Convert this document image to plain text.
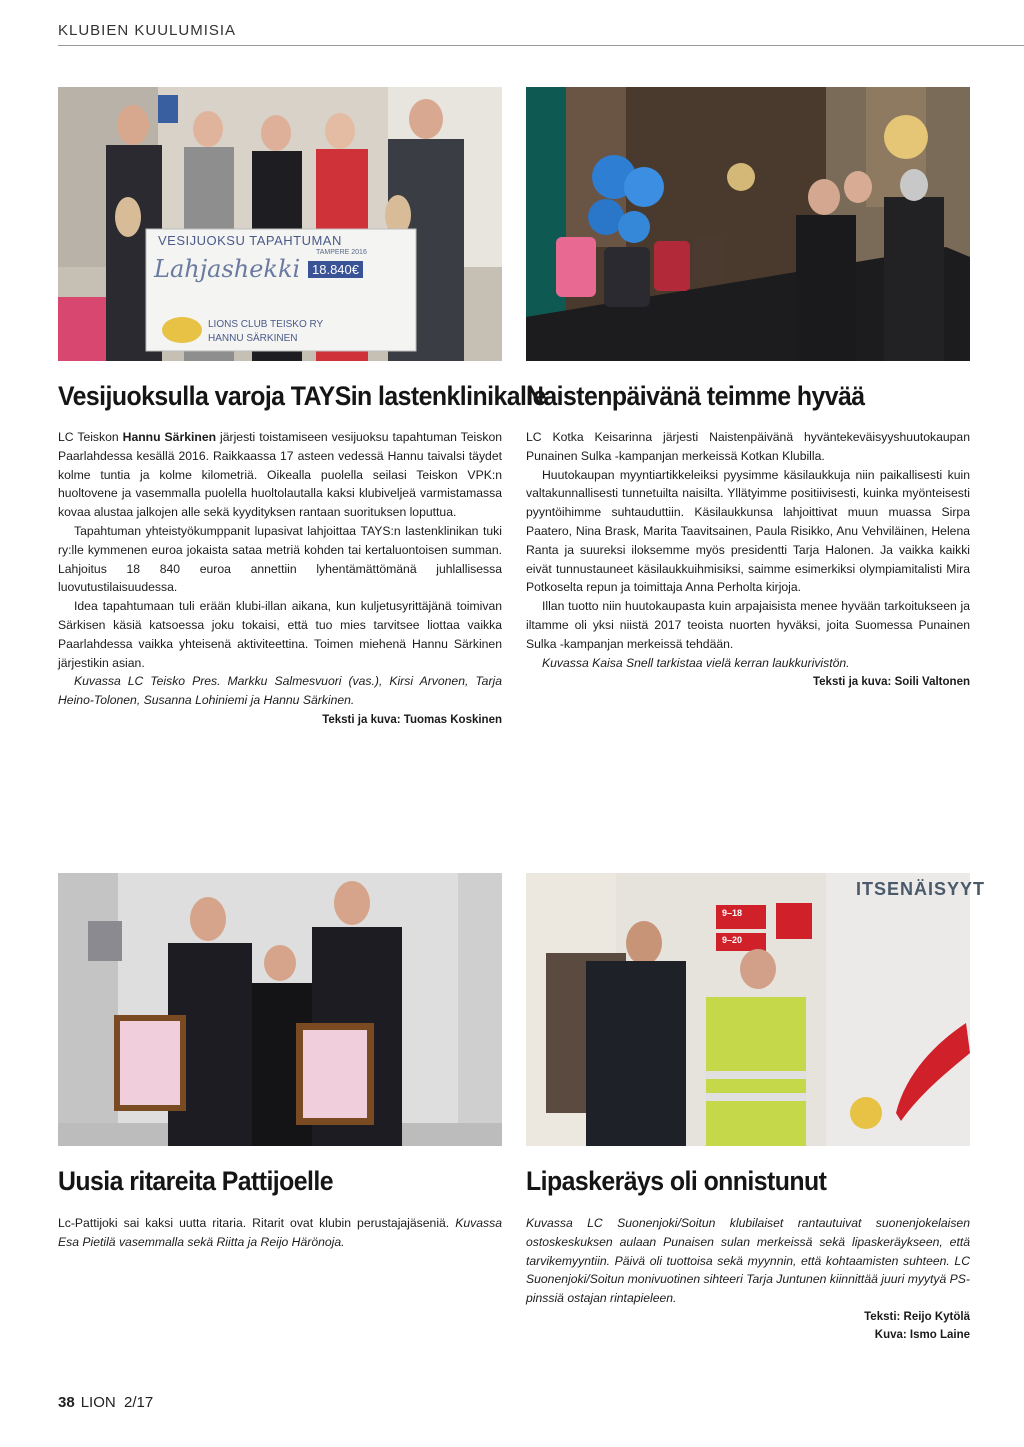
KLUBIEN KUULUMISIA
VESIJUOKSU TAPAHTUMAN
TAMPERE 2016
Lahjashekki 18.840€
LIONS CLUB TEISKO RY
HANNU SÄRKINEN
Vesijuoksulla varoja TAYSin lastenklinikalle

LC Teiskon Hannu Särkinen järjesti toistamiseen vesijuoksu tapahtuman Teiskon Paarlahdessa kesällä 2016. Raikkaassa 17 asteen vedessä Hannu taivalsi täydet kolme tuntia ja kolme kilometriä. Oikealla puolella seilasi Teiskon VPK:n huoltovene ja vasemmalla puolella huoltolautalla kaksi klubiveljeä varmistamassa kovaa alustaa jalkojen alle sekä kyydityksen rantaan suorituksen loputtua.

Tapahtuman yhteistyökumppanit lupasivat lahjoittaa TAYS:n lastenklinikan tuki ry:lle kymmenen euroa jokaista sataa metriä kohden tai kertaluontoisen summan. Lahjoitus 18 840 euroa annettiin lyhentämättömänä juhlallisessa luovutustilaisuudessa.

Idea tapahtumaan tuli erään klubi-illan aikana, kun kuljetusyrittäjänä toimivan Särkisen käsiä katsoessa joku tokaisi, että tuo mies tarvitsee liottaa vaikka Paarlahdessa vaikka yhteisenä aktiviteettina. Toimen miehenä Hannu Särkinen järjestikin asian.

Kuvassa LC Teisko Pres. Markku Salmesvuori (vas.), Kirsi Arvonen, Tarja Heino-Tolonen, Susanna Lohiniemi ja Hannu Särkinen.

Teksti ja kuva: Tuomas Koskinen
Naistenpäivänä teimme hyvää

LC Kotka Keisarinna järjesti Naistenpäivänä hyväntekeväisyyshuutokaupan Punainen Sulka -kampanjan merkeissä Kotkan Klubilla.

Huutokaupan myyntiartikkeleiksi pyysimme käsilaukkuja niin paikallisesti kuin valtakunnallisesti tunnetuilta naisilta. Yllätyimme positiivisesti, kuinka myönteisesti pyyntöihimme suhtauduttiin. Käsilaukkunsa lahjoittivat muun muassa Sirpa Paatero, Nina Brask, Marita Taavitsainen, Paula Risikko, Anu Vehviläinen, Helena Ranta ja suureksi iloksemme myös presidentti Tarja Halonen. Ja vaikka kaikki eivät tunnustauneet käsilaukkuihmisiksi, saimme esimerkiksi olympiamitalisti Mira Potkoselta repun ja toimittaja Anna Perholta kirjoja.

Illan tuotto niin huutokaupasta kuin arpajaisista menee hyvään tarkoitukseen ja iltamme oli yksi niistä 2017 teoista nuorten hyväksi, joita Suomessa Punainen Sulka -kampanjan merkeissä tehdään.

Kuvassa Kaisa Snell tarkistaa vielä kerran laukkurivistön.

Teksti ja kuva: Soili Valtonen
Uusia ritareita Pattijoelle

Lc-Pattijoki sai kaksi uutta ritaria. Ritarit ovat klubin perustajajäseniä. Kuvassa Esa Pietilä vasemmalla sekä Riitta ja Reijo Härönoja.

ITSENÄISYYT
9–18
9–20
Lipaskeräys oli onnistunut

Kuvassa LC Suonenjoki/Soitun klubilaiset rantautuivat suonenjokelaisen ostoskeskuksen aulaan Punaisen sulan merkeissä sekä lipaskeräykseen, että tarvikemyyntiin. Päivä oli tuottoisa sekä myynnin, että kohtaamisten suhteen. LC Suonenjoki/Soitun monivuotinen sihteeri Tarja Juntunen kiinnittää juuri myytyä PS-pinssiä ostajan rintapieleen.

Teksti: Reijo Kytölä
Kuva: Ismo Laine
38 LION 2/17
